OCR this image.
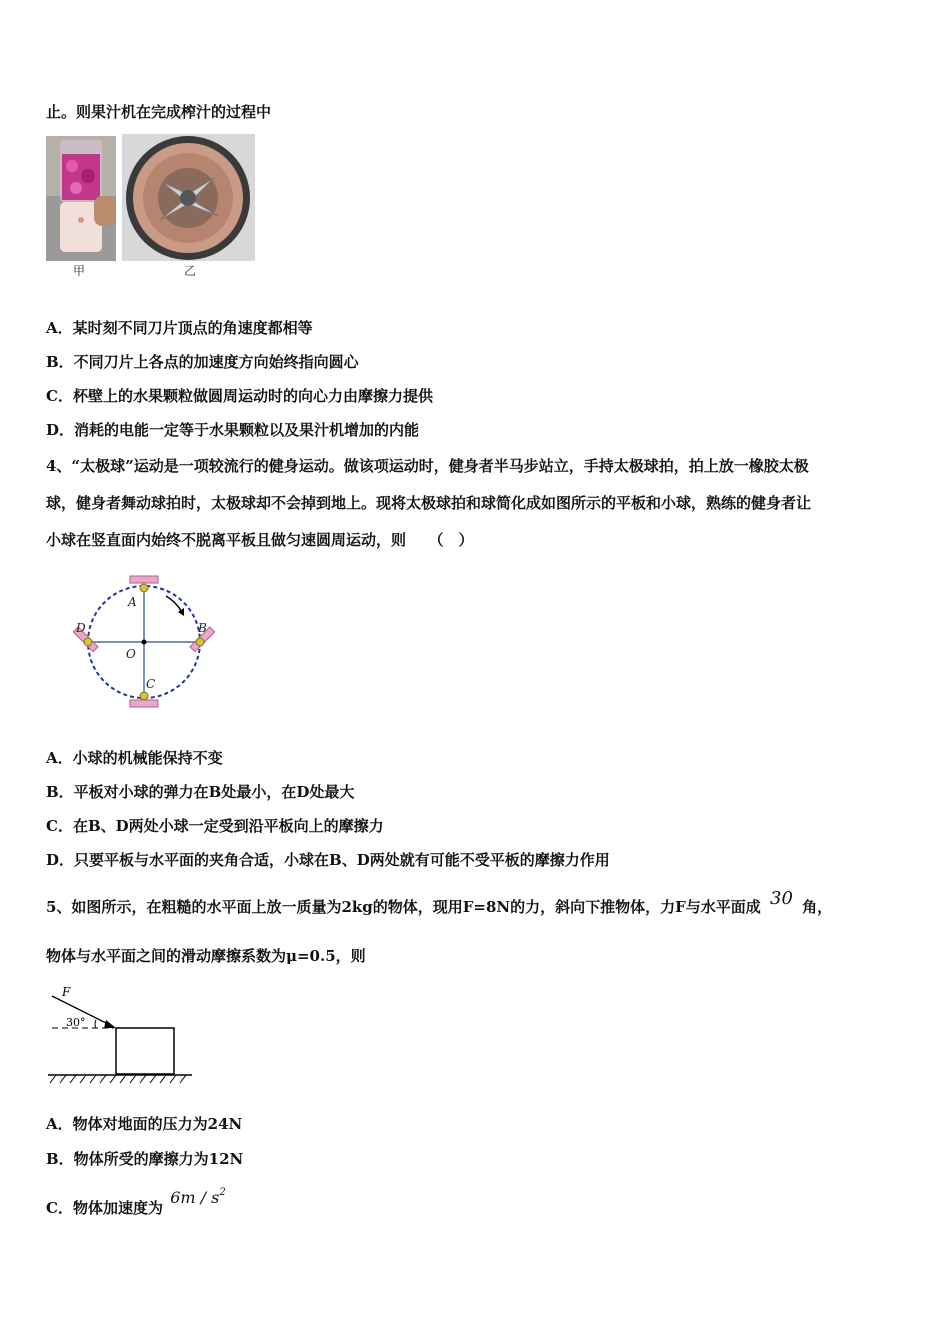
止。则果汁机在完成榨汁的过程中
甲	乙
A．某时刻不同刀片顶点的角速度都相等
B．不同刀片上各点的加速度方向始终指向圆心
C．杯壁上的水果颗粒做圆周运动时的向心力由摩擦力提供
D．消耗的电能一定等于水果颗粒以及果汁机增加的内能
4、“太极球”运动是一项较流行的健身运动。做该项运动时，健身者半马步站立，手持太极球拍，拍上放一橡胶太极
球，健身者舞动球拍时，太极球却不会掉到地上。现将太极球拍和球简化成如图所示的平板和小球，熟练的健身者让
小球在竖直面内始终不脱离平板且做匀速圆周运动，则　　（　）
A
B
C
D
O
A．小球的机械能保持不变
B．平板对小球的弹力在B处最小，在D处最大
C．在B、D两处小球一定受到沿平板向上的摩擦力
D．只要平板与水平面的夹角合适，小球在B、D两处就有可能不受平板的摩擦力作用
5、如图所示，在粗糙的水平面上放一质量为2kg的物体，现用F=8N的力，斜向下推物体，力F与水平面成 30 角，
物体与水平面之间的滑动摩擦系数为μ=0.5，则
F
30°
A．物体对地面的压力为24N
B．物体所受的摩擦力为12N
C．物体加速度为 $6m / s^2$
